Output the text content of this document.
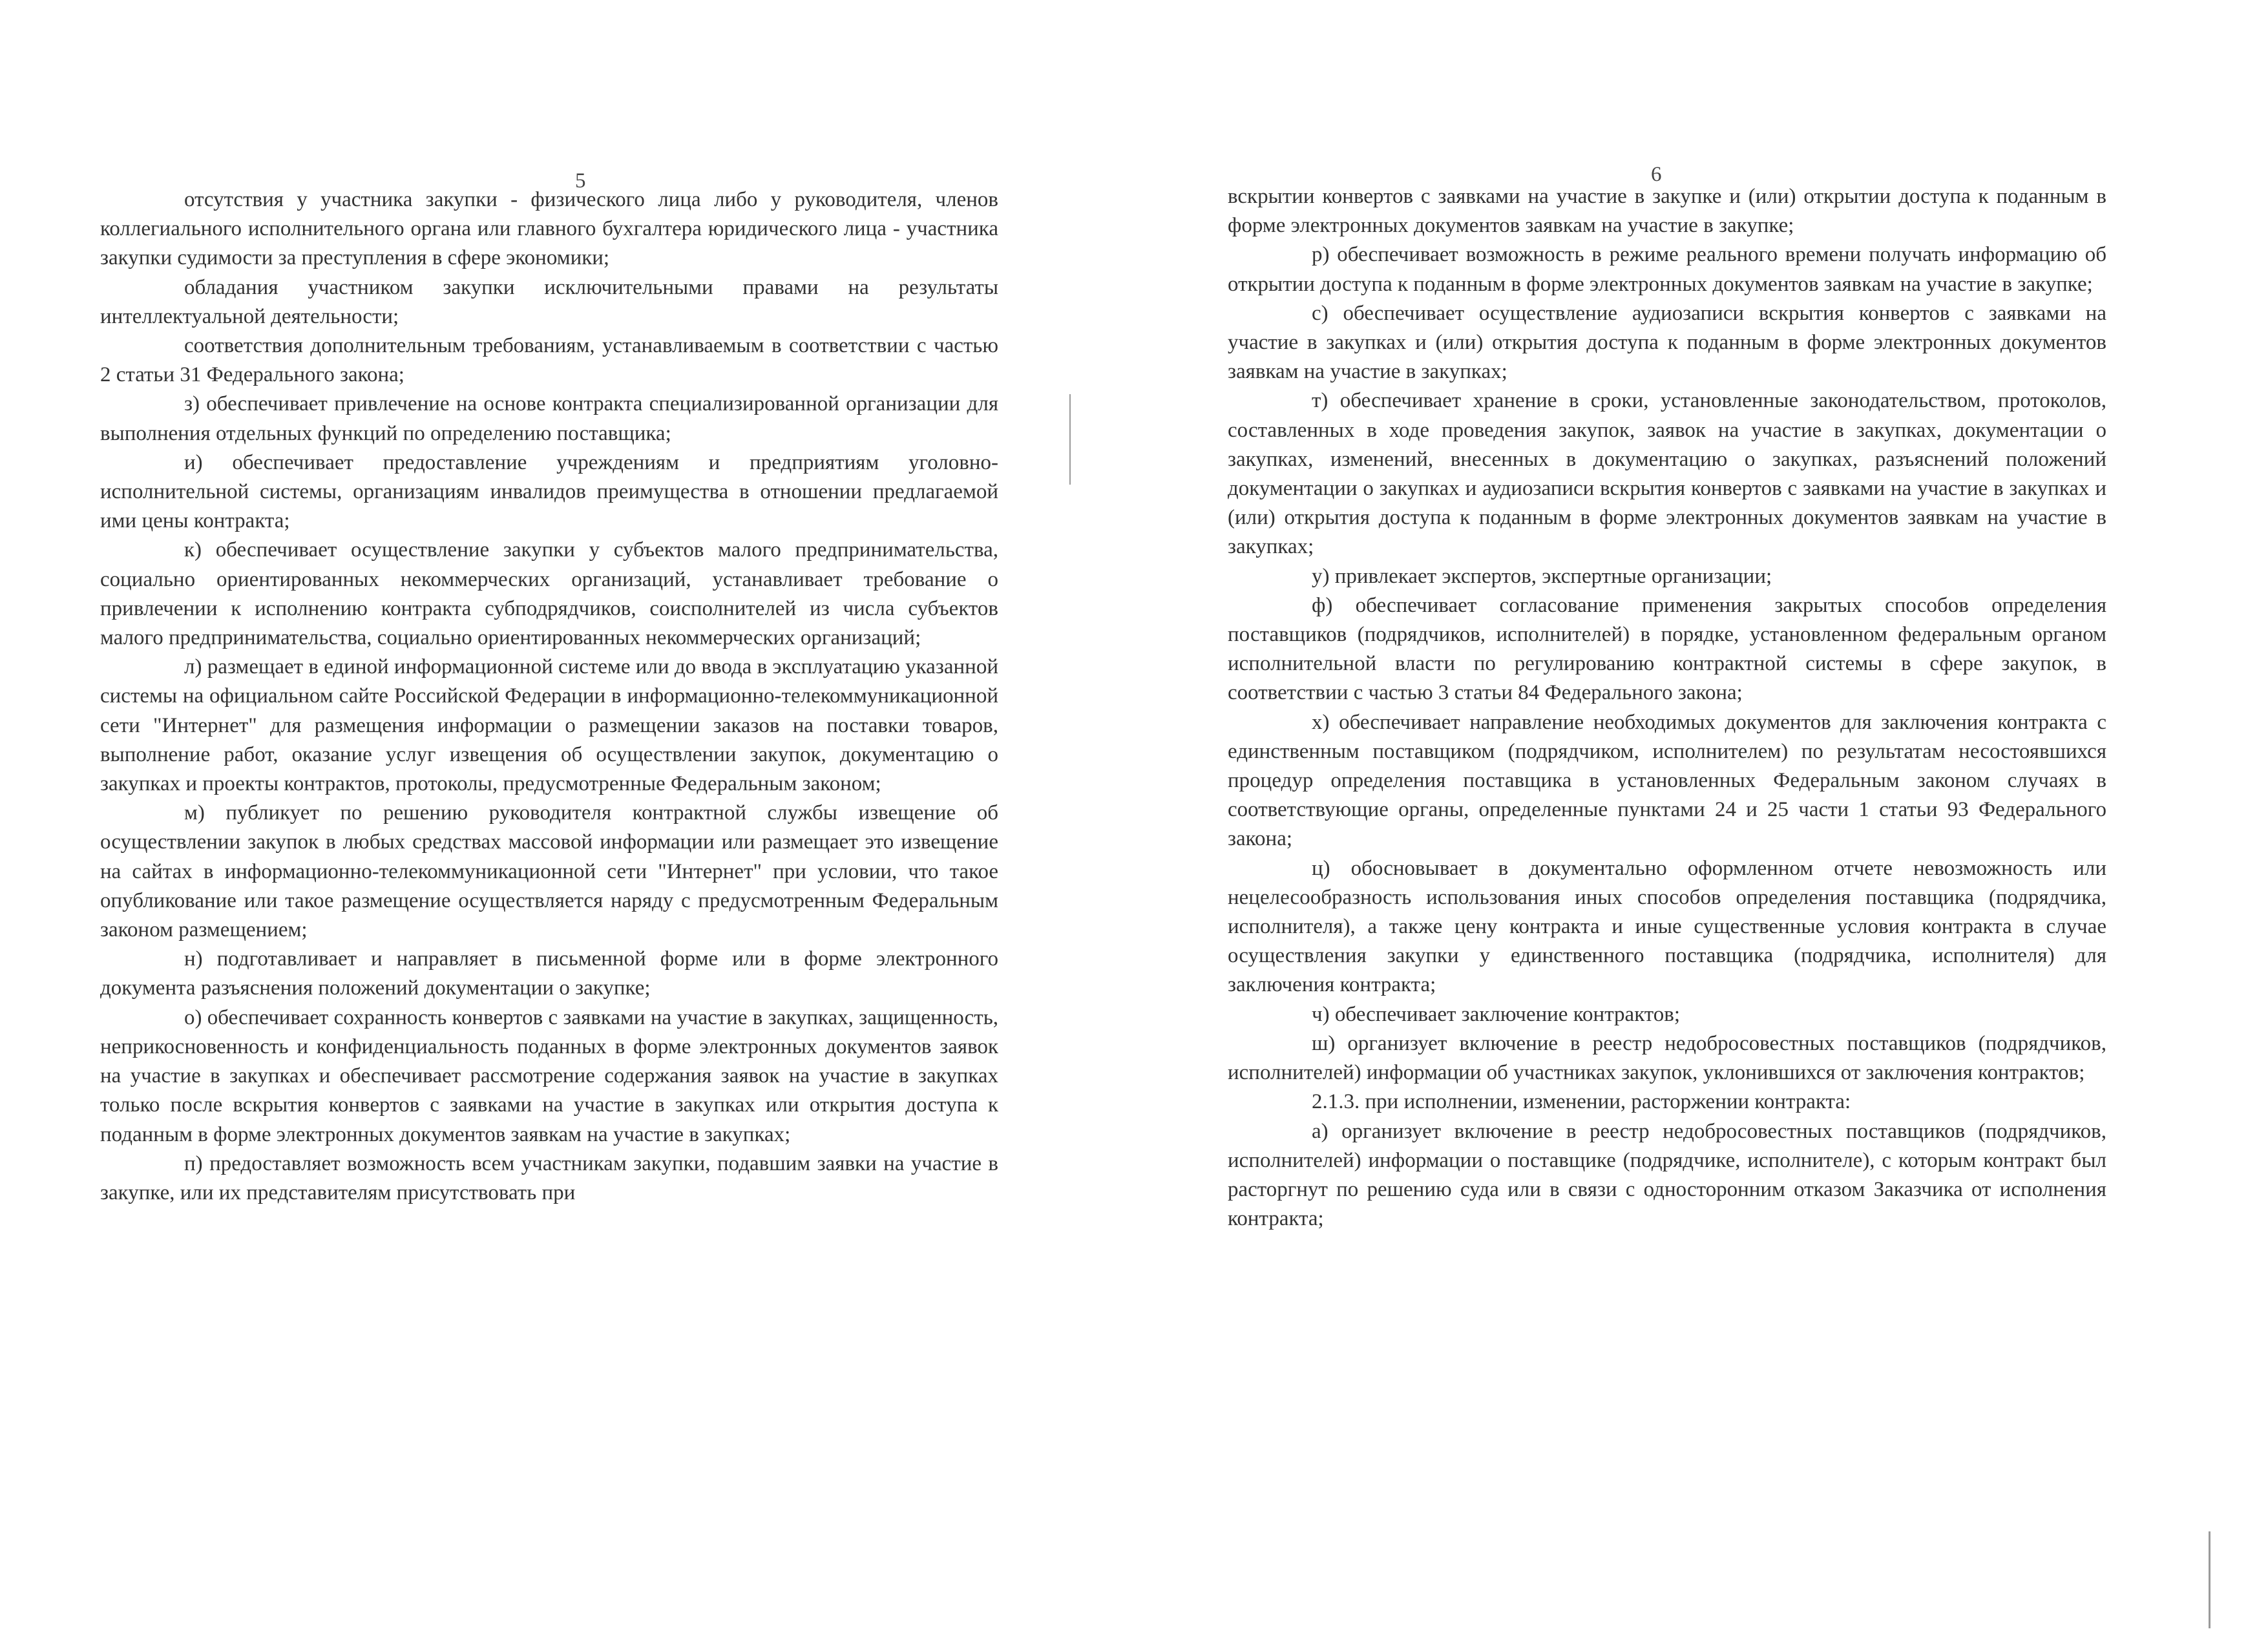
5

отсутствия у участника закупки - физического лица либо у руководителя, членов коллегиального исполнительного органа или главного бухгалтера юридического лица - участника закупки судимости за преступления в сфере экономики;

обладания участником закупки исключительными правами на результаты интеллектуальной деятельности;

соответствия дополнительным требованиям, устанавливаемым в соответствии с частью 2 статьи 31 Федерального закона;

з) обеспечивает привлечение на основе контракта специализированной организации для выполнения отдельных функций по определению поставщика;

и) обеспечивает предоставление учреждениям и предприятиям уголовно-исполнительной системы, организациям инвалидов преимущества в отношении предлагаемой ими цены контракта;

к) обеспечивает осуществление закупки у субъектов малого предпринимательства, социально ориентированных некоммерческих организаций, устанавливает требование о привлечении к исполнению контракта субподрядчиков, соисполнителей из числа субъектов малого предпринимательства, социально ориентированных некоммерческих организаций;

л) размещает в единой информационной системе или до ввода в эксплуатацию указанной системы на официальном сайте Российской Федерации в информационно-телекоммуникационной сети "Интернет" для размещения информации о размещении заказов на поставки товаров, выполнение работ, оказание услуг извещения об осуществлении закупок, документацию о закупках и проекты контрактов, протоколы, предусмотренные Федеральным законом;

м) публикует по решению руководителя контрактной службы извещение об осуществлении закупок в любых средствах массовой информации или размещает это извещение на сайтах в информационно-телекоммуникационной сети "Интернет" при условии, что такое опубликование или такое размещение осуществляется наряду с предусмотренным Федеральным законом размещением;

н) подготавливает и направляет в письменной форме или в форме электронного документа разъяснения положений документации о закупке;

о) обеспечивает сохранность конвертов с заявками на участие в закупках, защищенность, неприкосновенность и конфиденциальность поданных в форме электронных документов заявок на участие в закупках и обеспечивает рассмотрение содержания заявок на участие в закупках только после вскрытия конвертов с заявками на участие в закупках или открытия доступа к поданным в форме электронных документов заявкам на участие в закупках;

п) предоставляет возможность всем участникам закупки, подавшим заявки на участие в закупке, или их представителям присутствовать при

6

вскрытии конвертов с заявками на участие в закупке и (или) открытии доступа к поданным в форме электронных документов заявкам на участие в закупке;

р) обеспечивает возможность в режиме реального времени получать информацию об открытии доступа к поданным в форме электронных документов заявкам на участие в закупке;

с) обеспечивает осуществление аудиозаписи вскрытия конвертов с заявками на участие в закупках и (или) открытия доступа к поданным в форме электронных документов заявкам на участие в закупках;

т) обеспечивает хранение в сроки, установленные законодательством, протоколов, составленных в ходе проведения закупок, заявок на участие в закупках, документации о закупках, изменений, внесенных в документацию о закупках, разъяснений положений документации о закупках и аудиозаписи вскрытия конвертов с заявками на участие в закупках и (или) открытия доступа к поданным в форме электронных документов заявкам на участие в закупках;

у) привлекает экспертов, экспертные организации;

ф) обеспечивает согласование применения закрытых способов определения поставщиков (подрядчиков, исполнителей) в порядке, установленном федеральным органом исполнительной власти по регулированию контрактной системы в сфере закупок, в соответствии с частью 3 статьи 84 Федерального закона;

х) обеспечивает направление необходимых документов для заключения контракта с единственным поставщиком (подрядчиком, исполнителем) по результатам несостоявшихся процедур определения поставщика в установленных Федеральным законом случаях в соответствующие органы, определенные пунктами 24 и 25 части 1 статьи 93 Федерального закона;

ц) обосновывает в документально оформленном отчете невозможность или нецелесообразность использования иных способов определения поставщика (подрядчика, исполнителя), а также цену контракта и иные существенные условия контракта в случае осуществления закупки у единственного поставщика (подрядчика, исполнителя) для заключения контракта;

ч) обеспечивает заключение контрактов;

ш) организует включение в реестр недобросовестных поставщиков (подрядчиков, исполнителей) информации об участниках закупок, уклонившихся от заключения контрактов;

2.1.3. при исполнении, изменении, расторжении контракта:

а) организует включение в реестр недобросовестных поставщиков (подрядчиков, исполнителей) информации о поставщике (подрядчике, исполнителе), с которым контракт был расторгнут по решению суда или в связи с односторонним отказом Заказчика от исполнения контракта;
